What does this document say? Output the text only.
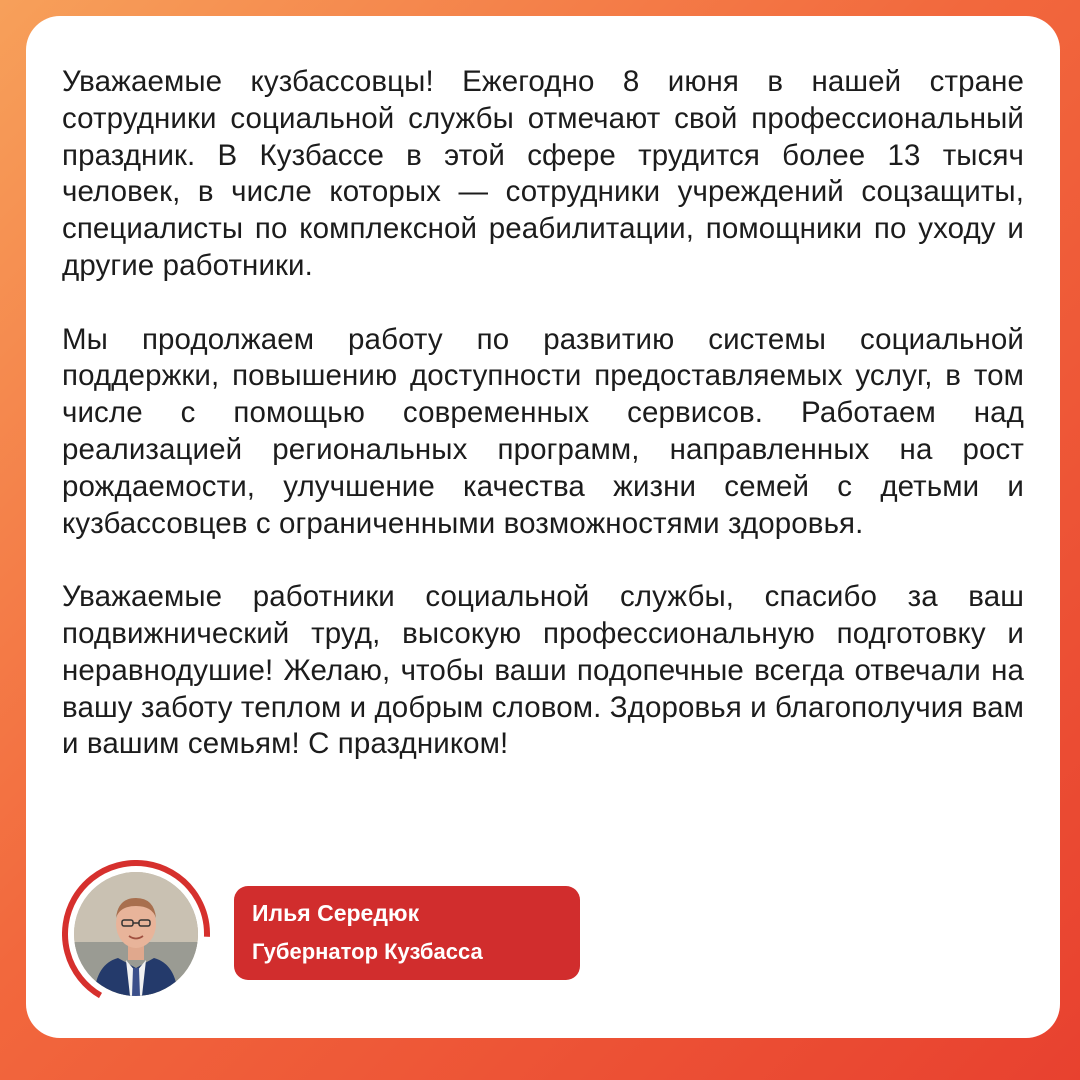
Уважаемые кузбассовцы! Ежегодно 8 июня в нашей стране сотрудники социальной службы отмечают свой профессиональный праздник. В Кузбассе в этой сфере трудится более 13 тысяч человек, в числе которых — сотрудники учреждений соцзащиты, специалисты по комплексной реабилитации, помощники по уходу и другие работники.

Мы продолжаем работу по развитию системы социальной поддержки, повышению доступности предоставляемых услуг, в том числе с помощью современных сервисов. Работаем над реализацией региональных программ, направленных на рост рождаемости, улучшение качества жизни семей с детьми и кузбассовцев с ограниченными возможностями здоровья.

Уважаемые работники социальной службы, спасибо за ваш подвижнический труд, высокую профессиональную подготовку и неравнодушие! Желаю, чтобы ваши подопечные всегда отвечали на вашу заботу теплом и добрым словом. Здоровья и благополучия вам и вашим семьям! С праздником!

Илья Середюк
Губернатор Кузбасса
